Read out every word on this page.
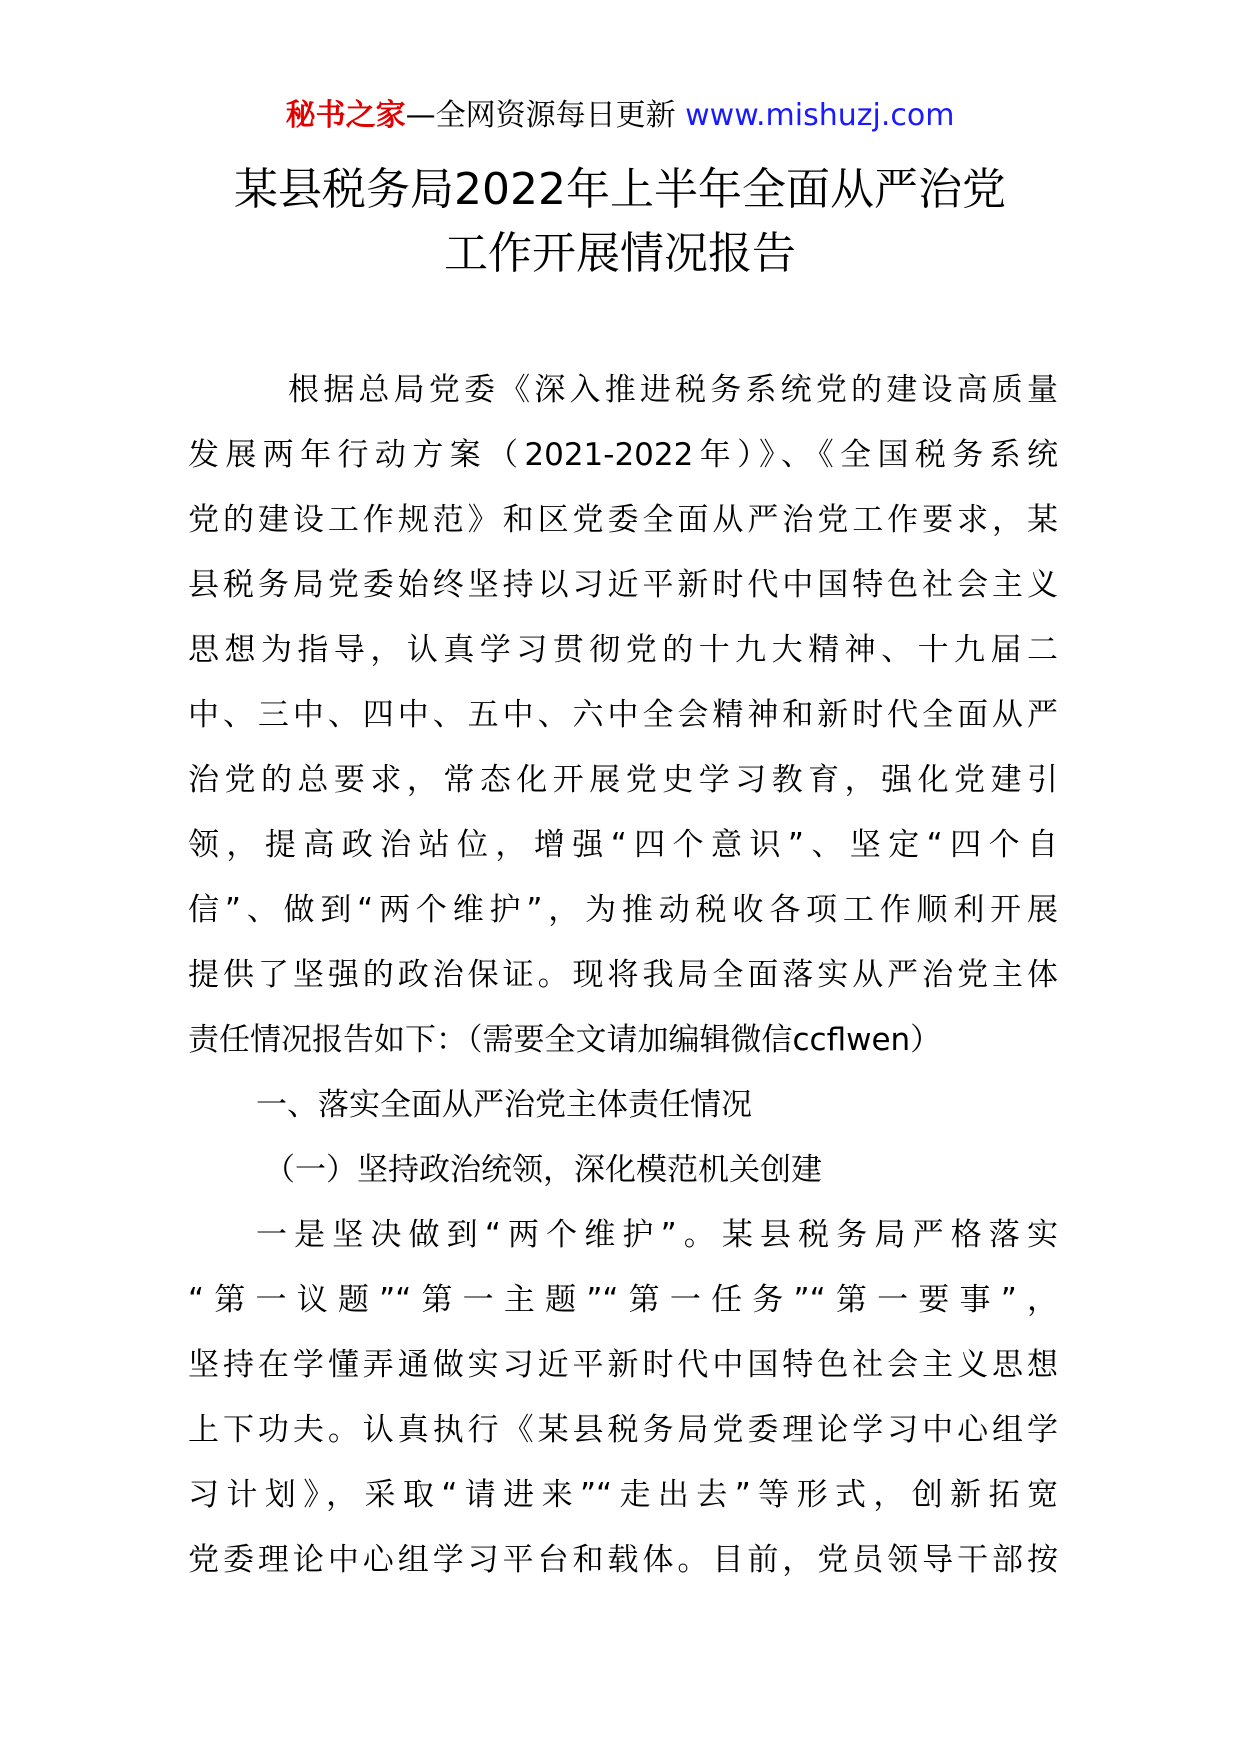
秘书之家—全网资源每日更新 www.mishuzj.com
某县税务局2022年上半年全面从严治党
工作开展情况报告
根据总局党委《深入推进税务系统党的建设高质量
发展两年行动方案（2021-2022年）》、《全国税务系统
党的建设工作规范》和区党委全面从严治党工作要求，某
县税务局党委始终坚持以习近平新时代中国特色社会主义
思想为指导，认真学习贯彻党的十九大精神、十九届二
中、三中、四中、五中、六中全会精神和新时代全面从严
治党的总要求，常态化开展党史学习教育，强化党建引
领，提高政治站位，增强“四个意识”、坚定“四个自
信”、做到“两个维护”，为推动税收各项工作顺利开展
提供了坚强的政治保证。现将我局全面落实从严治党主体
责任情况报告如下：（需要全文请加编辑微信ccflwen）
一、落实全面从严治党主体责任情况
（一）坚持政治统领，深化模范机关创建
一是坚决做到“两个维护”。某县税务局严格落实
“第一议题”“第一主题”“第一任务”“第一要事”，
坚持在学懂弄通做实习近平新时代中国特色社会主义思想
上下功夫。认真执行《某县税务局党委理论学习中心组学
习计划》，采取“请进来”“走出去”等形式，创新拓宽
党委理论中心组学习平台和载体。目前，党员领导干部按
